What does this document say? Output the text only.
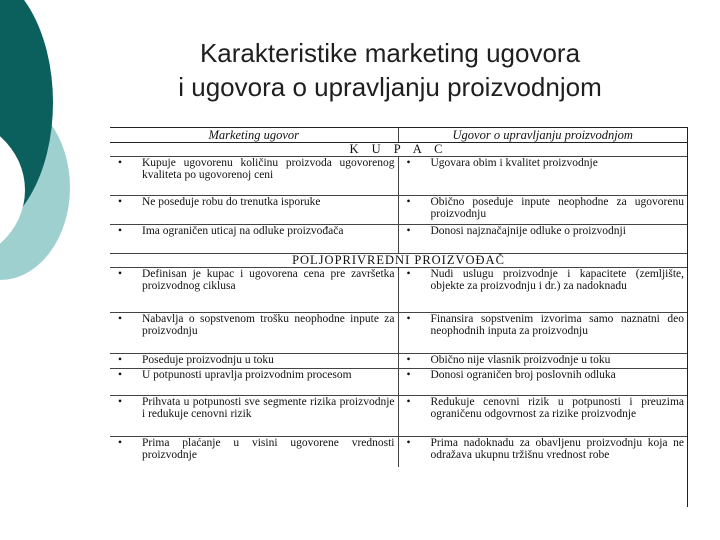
Karakteristike marketing ugovora
i ugovora o upravljanju proizvodnjom
Marketing ugovor	Ugovor o upravljanju proizvodnjom
K U P A C	

• Kupuje ugovorenu količinu proizvoda ugovorenog kvaliteta po ugovorenoj ceni	• Ugovara obim i kvalitet proizvodnje

• Ne poseduje robu do trenutka isporuke	• Obično poseduje inpute neophodne za ugovorenu proizvodnju

• Ima ograničen uticaj na odluke proizvođača	• Donosi najznačajnije odluke o proizvodnji

POLJOPRIVREDNI PROIZVOĐAČ	

• Definisan je kupac i ugovorena cena pre završetka proizvodnog ciklusa	• Nudi uslugu proizvodnje i kapacitete (zemljište, objekte za proizvodnju i dr.) za nadoknadu

• Nabavlja o sopstvenom trošku neophodne inpute za proizvodnju	• Finansira sopstvenim izvorima samo naznatni deo neophodnih inputa za proizvodnju

• Poseduje proizvodnju u toku	• Obično nije vlasnik proizvodnje u toku

• U potpunosti upravlja proizvodnim procesom	• Donosi ograničen broj poslovnih odluka

• Prihvata u potpunosti sve segmente rizika proizvodnje i redukuje cenovni rizik	• Redukuje cenovni rizik u potpunosti i preuzima ograničenu odgovrnost za rizike proizvodnje

• Prima plaćanje u visini ugovorene vrednosti proizvodnje	• Prima nadoknadu za obavljenu proizvodnju koja ne odražava ukupnu tržišnu vrednost robe
